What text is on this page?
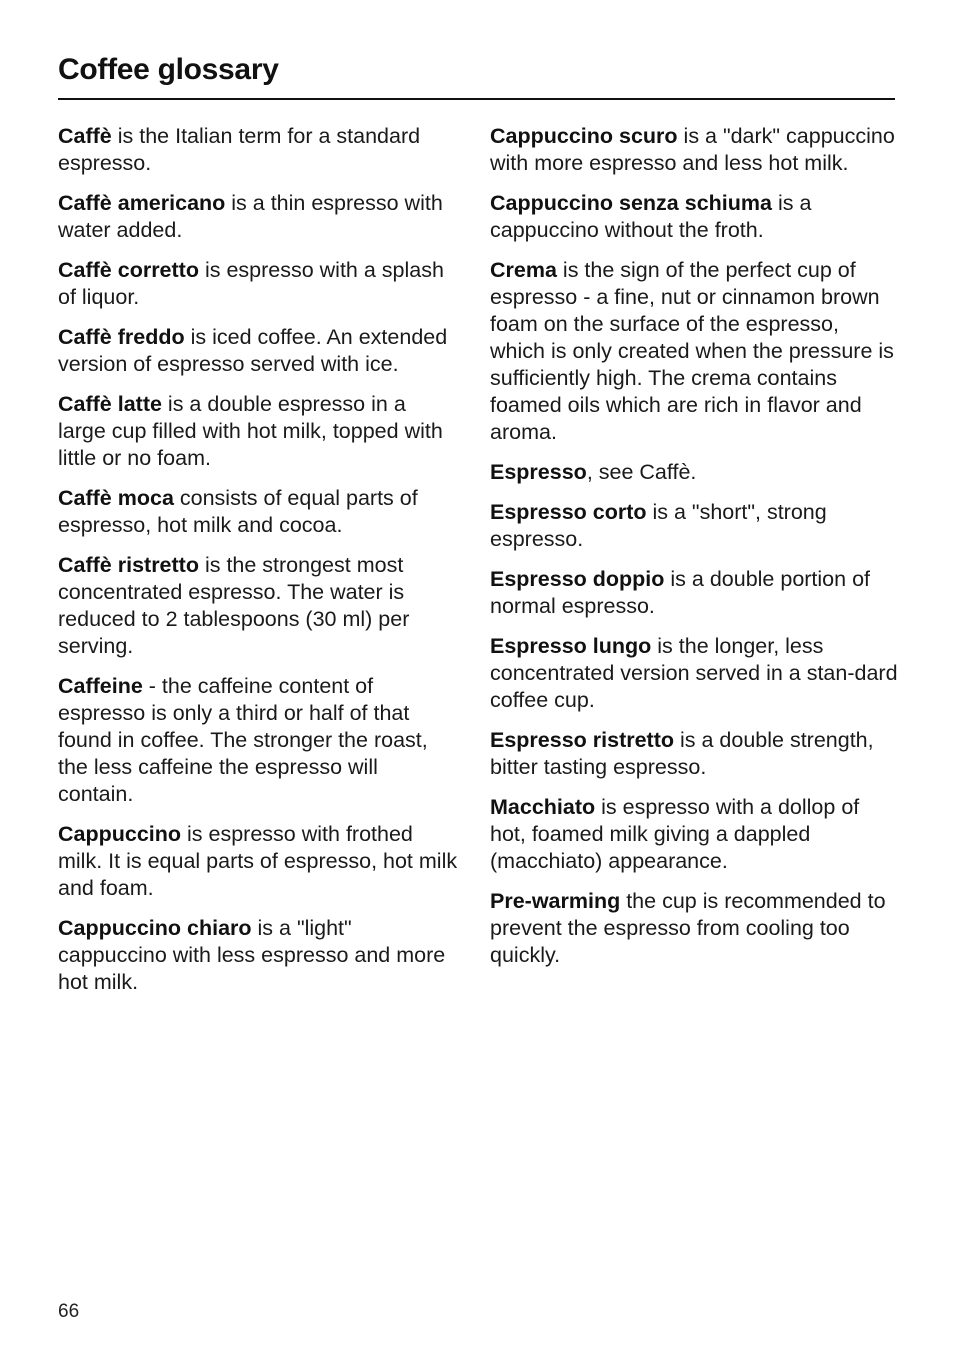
Coffee glossary

Caffè is the Italian term for a standard espresso.

Caffè americano is a thin espresso with water added.

Caffè corretto is espresso with a splash of liquor.

Caffè freddo is iced coffee. An extended version of espresso served with ice.

Caffè latte is a double espresso in a large cup filled with hot milk, topped with little or no foam.

Caffè moca consists of equal parts of espresso, hot milk and cocoa.

Caffè ristretto is the strongest most concentrated espresso. The water is reduced to 2 tablespoons (30 ml) per serving.

Caffeine - the caffeine content of espresso is only a third or half of that found in coffee. The stronger the roast, the less caffeine the espresso will contain.

Cappuccino is espresso with frothed milk. It is equal parts of espresso, hot milk and foam.

Cappuccino chiaro is a "light" cappuccino with less espresso and more hot milk.

Cappuccino scuro is a "dark" cappuccino with more espresso and less hot milk.

Cappuccino senza schiuma is a cappuccino without the froth.

Crema is the sign of the perfect cup of espresso - a fine, nut or cinnamon brown foam on the surface of the espresso, which is only created when the pressure is sufficiently high. The crema contains foamed oils which are rich in flavor and aroma.

Espresso, see Caffè.

Espresso corto is a "short", strong espresso.

Espresso doppio is a double portion of normal espresso.

Espresso lungo is the longer, less concentrated version served in a stan-dard coffee cup.

Espresso ristretto is a double strength, bitter tasting espresso.

Macchiato is espresso with a dollop of hot, foamed milk giving a dappled (macchiato) appearance.

Pre-warming the cup is recommended to prevent the espresso from cooling too quickly.

66
